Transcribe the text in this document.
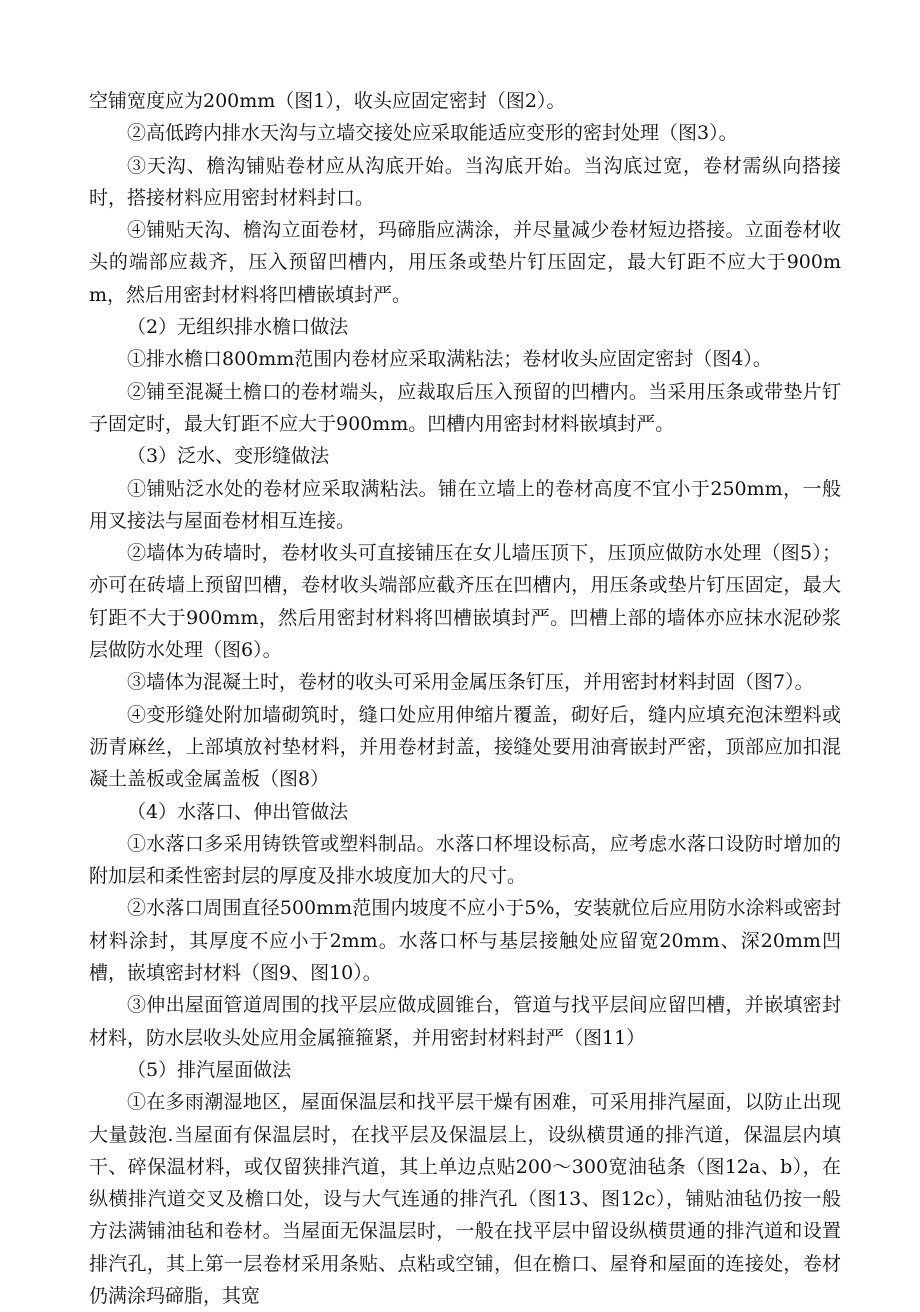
空铺宽度应为200mm（图1），收头应固定密封（图2）。

②高低跨内排水天沟与立墙交接处应采取能适应变形的密封处理（图3）。

③天沟、檐沟铺贴卷材应从沟底开始。当沟底开始。当沟底过宽，卷材需纵向搭接时，搭接材料应用密封材料封口。

④铺贴天沟、檐沟立面卷材，玛碲脂应满涂，并尽量减少卷材短边搭接。立面卷材收头的端部应裁齐，压入预留凹槽内，用压条或垫片钉压固定，最大钉距不应大于900mm，然后用密封材料将凹槽嵌填封严。

（2）无组织排水檐口做法

①排水檐口800mm范围内卷材应采取满粘法；卷材收头应固定密封（图4）。

②铺至混凝土檐口的卷材端头，应裁取后压入预留的凹槽内。当采用压条或带垫片钉子固定时，最大钉距不应大于900mm。凹槽内用密封材料嵌填封严。

（3）泛水、变形缝做法

①铺贴泛水处的卷材应采取满粘法。铺在立墙上的卷材高度不宜小于250mm，一般用叉接法与屋面卷材相互连接。

②墙体为砖墙时，卷材收头可直接铺压在女儿墙压顶下，压顶应做防水处理（图5）；亦可在砖墙上预留凹槽，卷材收头端部应截齐压在凹槽内，用压条或垫片钉压固定，最大钉距不大于900mm，然后用密封材料将凹槽嵌填封严。凹槽上部的墙体亦应抹水泥砂浆层做防水处理（图6）。

③墙体为混凝土时，卷材的收头可采用金属压条钉压，并用密封材料封固（图7）。

④变形缝处附加墙砌筑时，缝口处应用伸缩片覆盖，砌好后，缝内应填充泡沫塑料或沥青麻丝，上部填放衬垫材料，并用卷材封盖，接缝处要用油膏嵌封严密，顶部应加扣混凝土盖板或金属盖板（图8）

（4）水落口、伸出管做法

①水落口多采用铸铁管或塑料制品。水落口杯埋设标高，应考虑水落口设防时增加的附加层和柔性密封层的厚度及排水坡度加大的尺寸。

②水落口周围直径500mm范围内坡度不应小于5%，安装就位后应用防水涂料或密封材料涂封，其厚度不应小于2mm。水落口杯与基层接触处应留宽20mm、深20mm凹槽，嵌填密封材料（图9、图10）。

③伸出屋面管道周围的找平层应做成圆锥台，管道与找平层间应留凹槽，并嵌填密封材料，防水层收头处应用金属箍箍紧，并用密封材料封严（图11）

（5）排汽屋面做法

①在多雨潮湿地区，屋面保温层和找平层干燥有困难，可采用排汽屋面，以防止出现大量鼓泡.当屋面有保温层时，在找平层及保温层上，设纵横贯通的排汽道，保温层内填干、碎保温材料，或仅留狭排汽道，其上单边点贴200～300宽油毡条（图12a、b），在纵横排汽道交叉及檐口处，设与大气连通的排汽孔（图13、图12c），铺贴油毡仍按一般方法满铺油毡和卷材。当屋面无保温层时，一般在找平层中留设纵横贯通的排汽道和设置排汽孔，其上第一层卷材采用条贴、点粘或空铺，但在檐口、屋脊和屋面的连接处，卷材仍满涂玛碲脂，其宽
